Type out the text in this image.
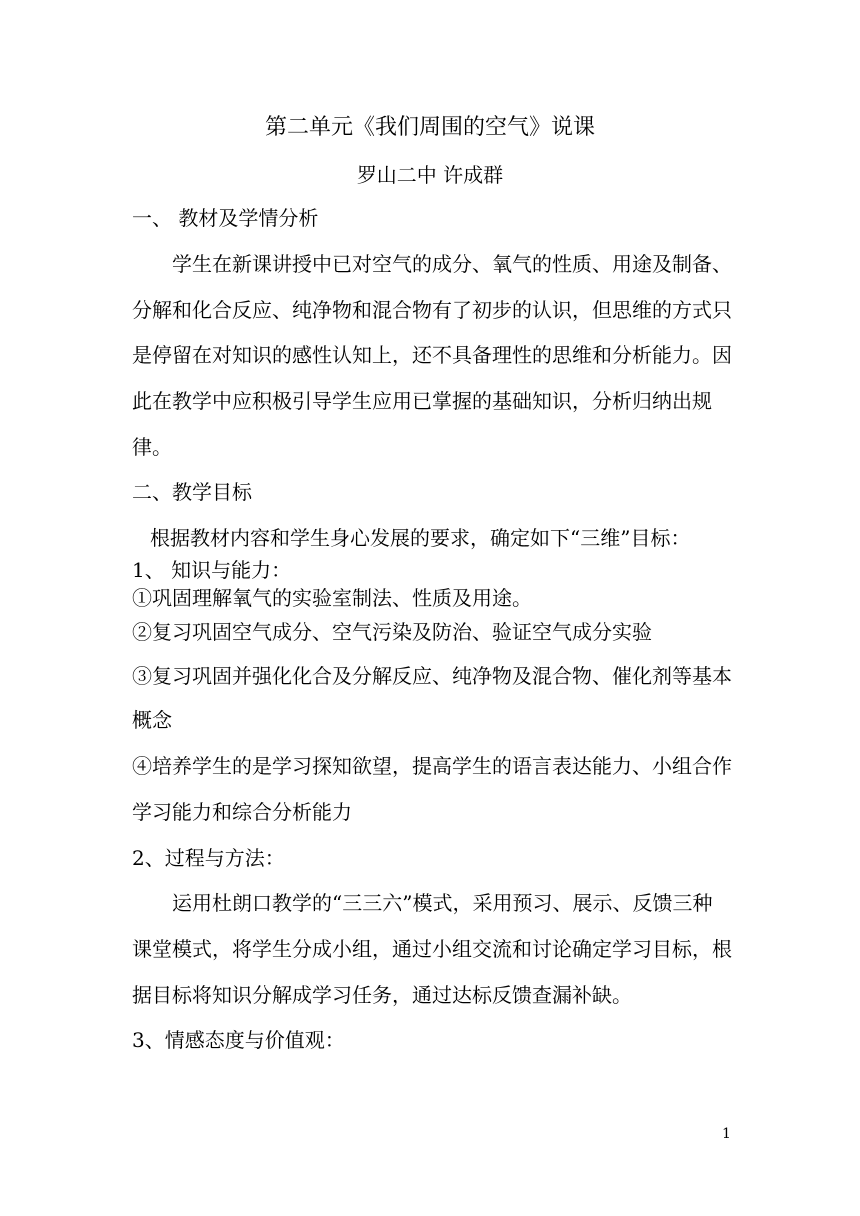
第二单元《我们周围的空气》说课
罗山二中 许成群
一、 教材及学情分析
学生在新课讲授中已对空气的成分、氧气的性质、用途及制备、
分解和化合反应、纯净物和混合物有了初步的认识，但思维的方式只
是停留在对知识的感性认知上，还不具备理性的思维和分析能力。因
此在教学中应积极引导学生应用已掌握的基础知识，分析归纳出规
律。
二、教学目标
根据教材内容和学生身心发展的要求，确定如下“三维”目标：
1、 知识与能力：
①巩固理解氧气的实验室制法、性质及用途。
②复习巩固空气成分、空气污染及防治、验证空气成分实验
③复习巩固并强化化合及分解反应、纯净物及混合物、催化剂等基本
概念
④培养学生的是学习探知欲望，提高学生的语言表达能力、小组合作
学习能力和综合分析能力
2、过程与方法：
运用杜朗口教学的“三三六”模式，采用预习、展示、反馈三种
课堂模式，将学生分成小组，通过小组交流和讨论确定学习目标，根
据目标将知识分解成学习任务，通过达标反馈查漏补缺。
3、情感态度与价值观：
1
